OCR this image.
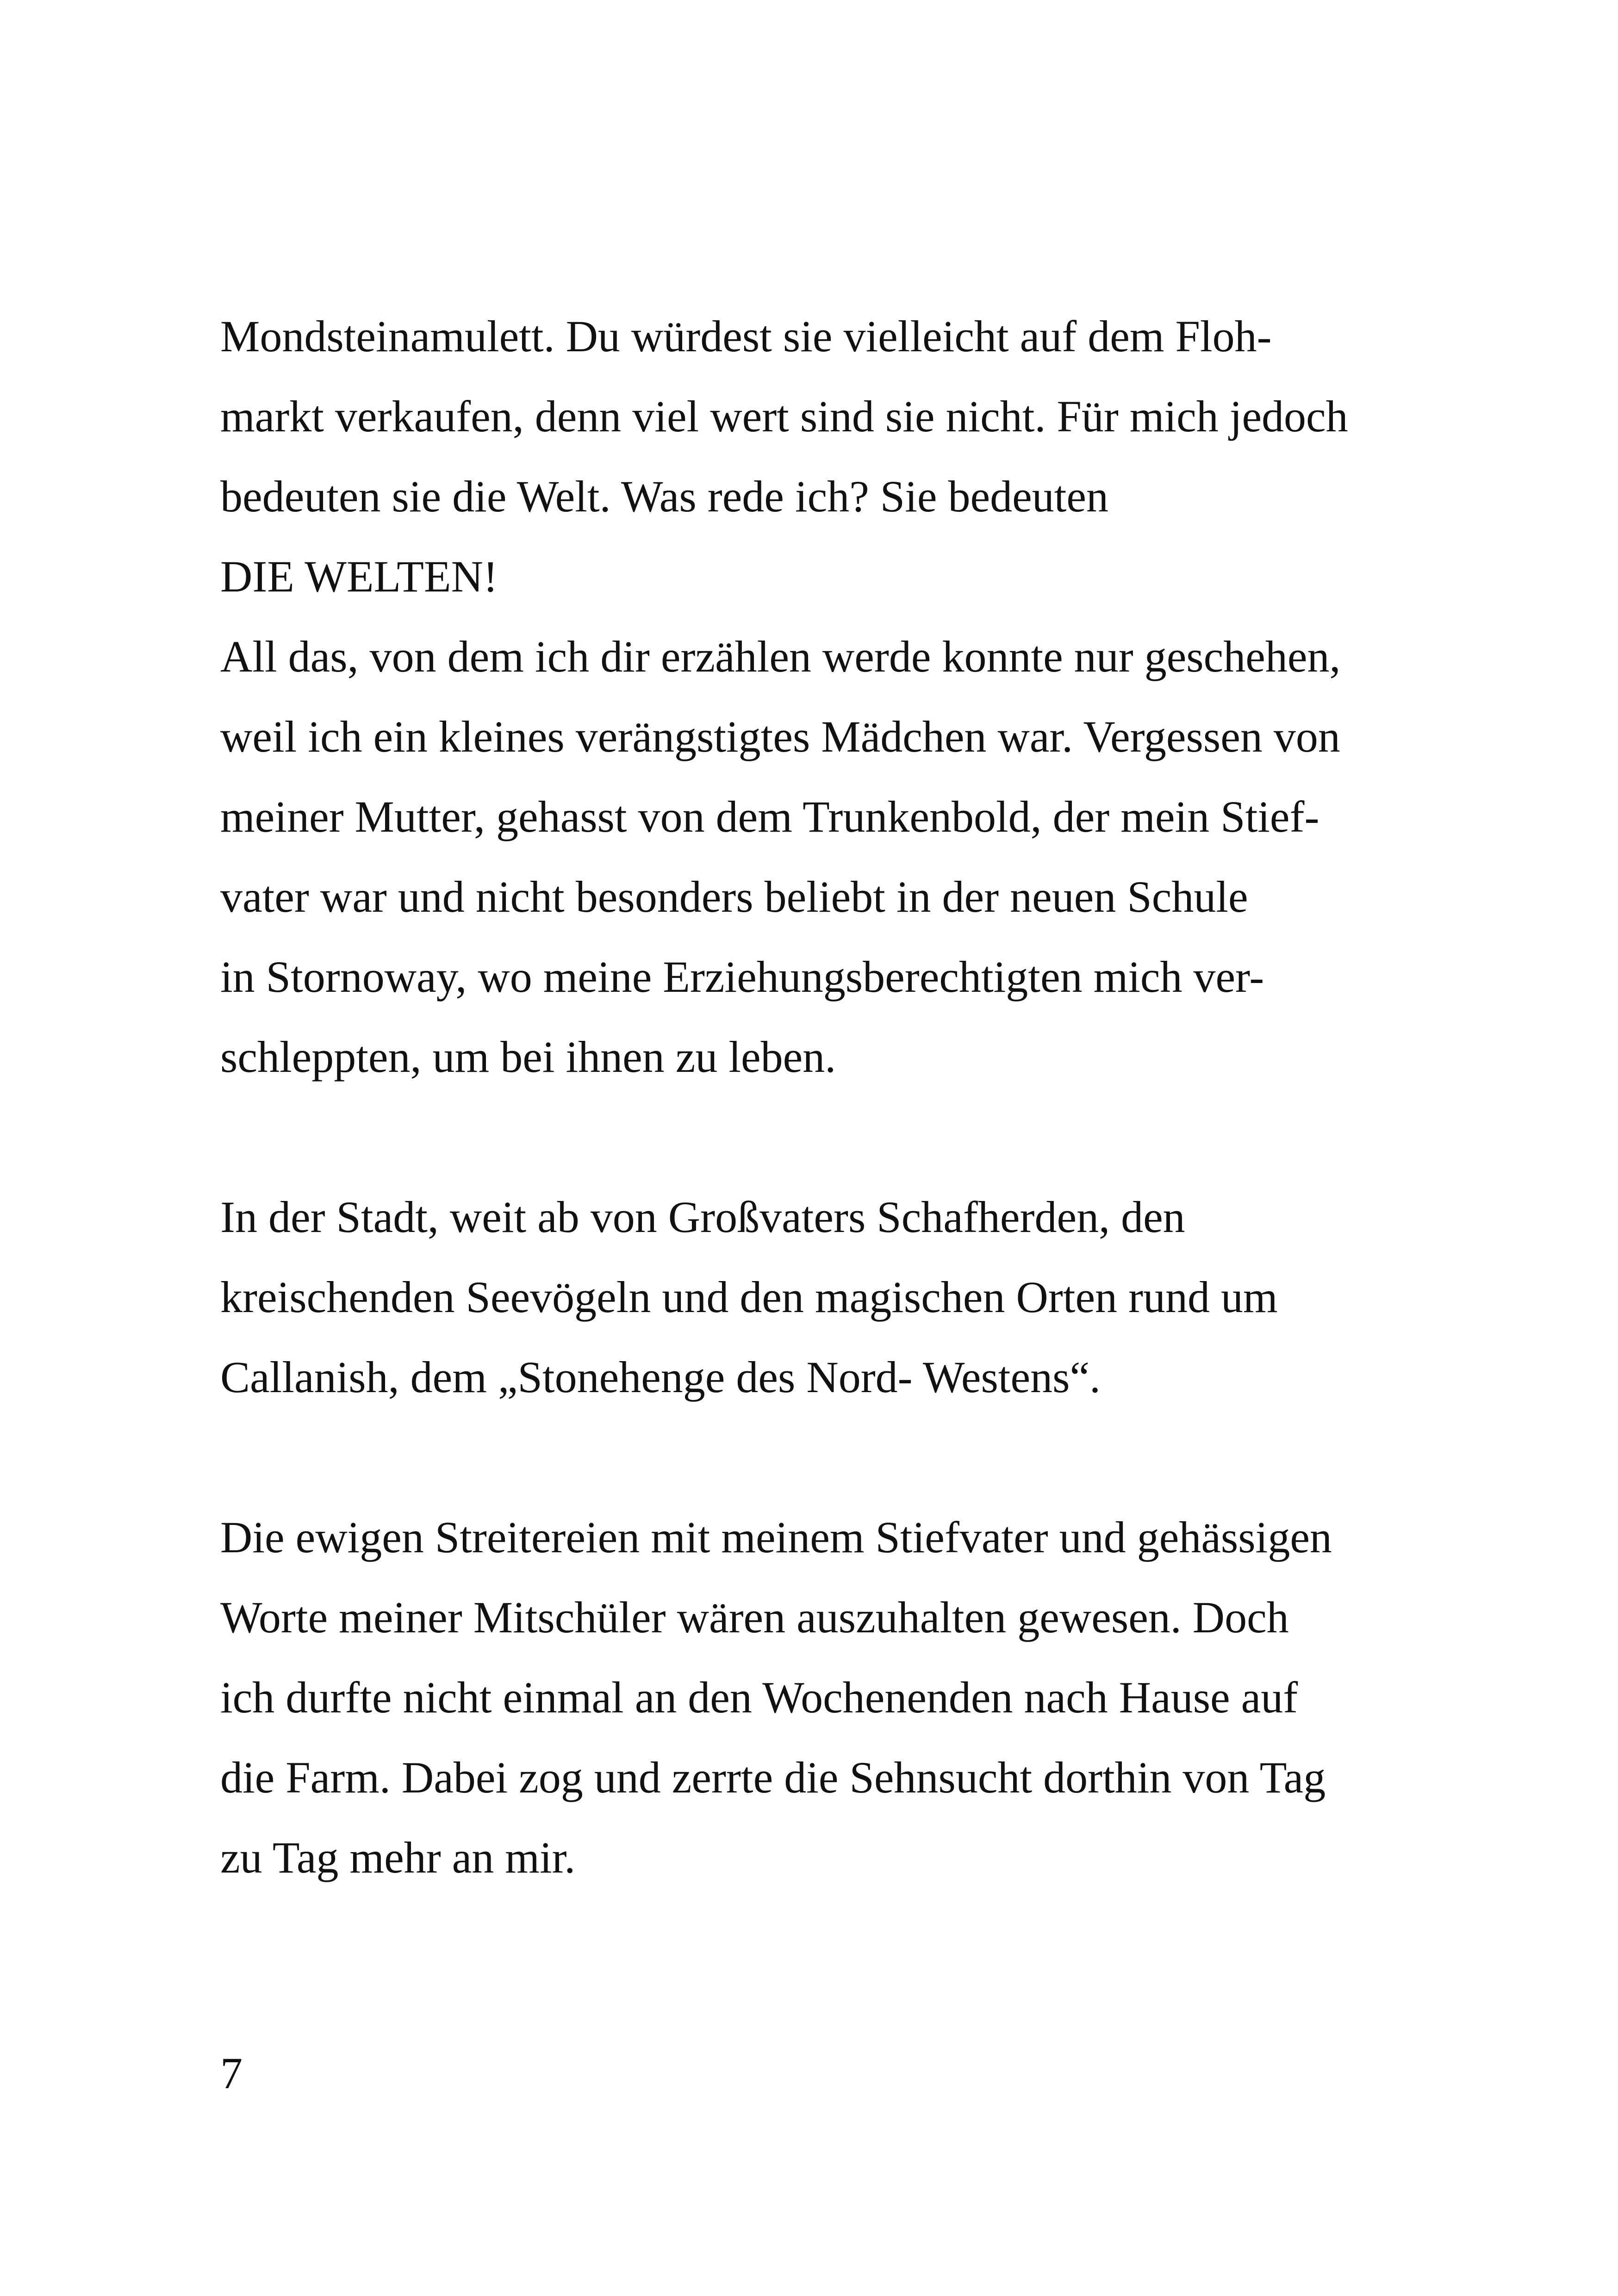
Mondsteinamulett. Du würdest sie vielleicht auf dem Floh-
markt verkaufen, denn viel wert sind sie nicht. Für mich jedoch
bedeuten sie die Welt. Was rede ich? Sie bedeuten
DIE WELTEN!
All das, von dem ich dir erzählen werde konnte nur geschehen,
weil ich ein kleines verängstigtes Mädchen war. Vergessen von
meiner Mutter, gehasst von dem Trunkenbold, der mein Stief-
vater war und nicht besonders beliebt in der neuen Schule
in Stornoway, wo meine Erziehungsberechtigten mich ver-
schleppten, um bei ihnen zu leben.
In der Stadt, weit ab von Großvaters Schafherden, den
kreischenden Seevögeln und den magischen Orten rund um
Callanish, dem „Stonehenge des Nord- Westens“.
Die ewigen Streitereien mit meinem Stiefvater und gehässigen
Worte meiner Mitschüler wären auszuhalten gewesen. Doch
ich durfte nicht einmal an den Wochenenden nach Hause auf
die Farm. Dabei zog und zerrte die Sehnsucht dorthin von Tag
zu Tag mehr an mir.
7
